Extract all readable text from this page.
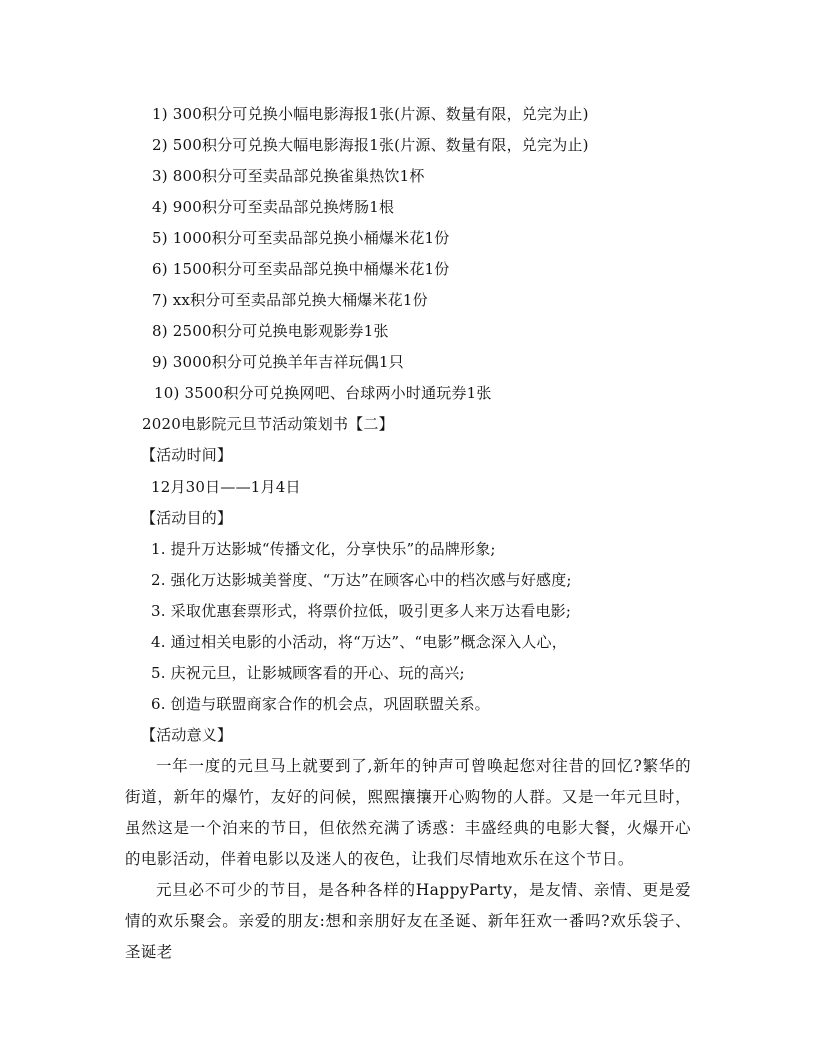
1) 300积分可兑换小幅电影海报1张(片源、数量有限，兑完为止)
2) 500积分可兑换大幅电影海报1张(片源、数量有限，兑完为止)
3) 800积分可至卖品部兑换雀巢热饮1杯
4) 900积分可至卖品部兑换烤肠1根
5) 1000积分可至卖品部兑换小桶爆米花1份
6) 1500积分可至卖品部兑换中桶爆米花1份
7) xx积分可至卖品部兑换大桶爆米花1份
8) 2500积分可兑换电影观影券1张
9) 3000积分可兑换羊年吉祥玩偶1只
10) 3500积分可兑换网吧、台球两小时通玩券1张
2020电影院元旦节活动策划书【二】
【活动时间】
12月30日——1月4日
【活动目的】
1. 提升万达影城“传播文化，分享快乐”的品牌形象;
2. 强化万达影城美誉度、“万达”在顾客心中的档次感与好感度;
3. 采取优惠套票形式，将票价拉低，吸引更多人来万达看电影;
4. 通过相关电影的小活动，将“万达”、“电影”概念深入人心，
5. 庆祝元旦，让影城顾客看的开心、玩的高兴;
6. 创造与联盟商家合作的机会点，巩固联盟关系。
【活动意义】
一年一度的元旦马上就要到了,新年的钟声可曾唤起您对往昔的回忆?繁华的街道，新年的爆竹，友好的问候，熙熙攘攘开心购物的人群。又是一年元旦时，虽然这是一个泊来的节日，但依然充满了诱惑：丰盛经典的电影大餐，火爆开心的电影活动，伴着电影以及迷人的夜色，让我们尽情地欢乐在这个节日。
元旦必不可少的节目，是各种各样的HappyParty，是友情、亲情、更是爱情的欢乐聚会。亲爱的朋友:想和亲朋好友在圣诞、新年狂欢一番吗?欢乐袋子、圣诞老
